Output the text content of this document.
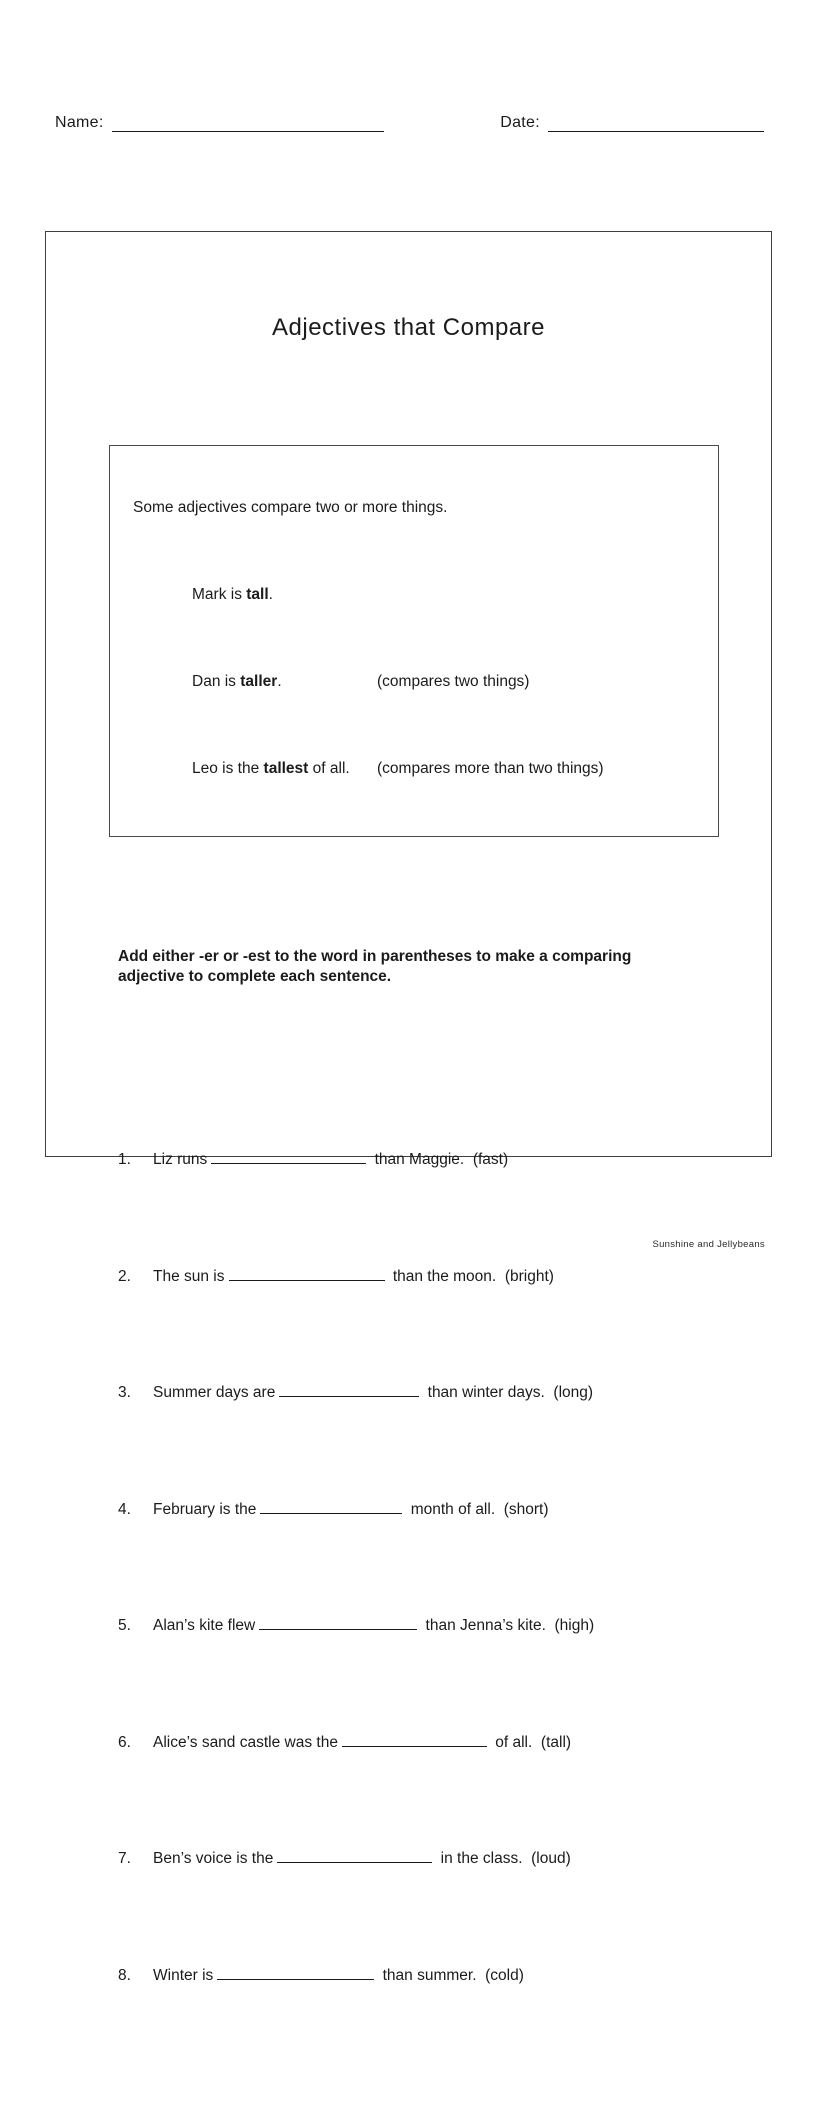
Name:	Date:

Adjectives that Compare

Some adjectives compare two or more things.

Mark is tall.

Dan is taller.	(compares two things)

Leo is the tallest of all.	(compares more than two things)

Add either -er or -est to the word in parentheses to make a comparing adjective to complete each sentence.

1.	Liz runs	than Maggie.  (fast)

2.	The sun is	than the moon.  (bright)

3.	Summer days are	than winter days.  (long)

4.	February is the	month of all.  (short)

5.	Alan’s kite flew	than Jenna’s kite.  (high)

6.	Alice’s sand castle was the	of all.  (tall)

7.	Ben’s voice is the	in the class.  (loud)

8.	Winter is	than summer.  (cold)

Sunshine and Jellybeans
